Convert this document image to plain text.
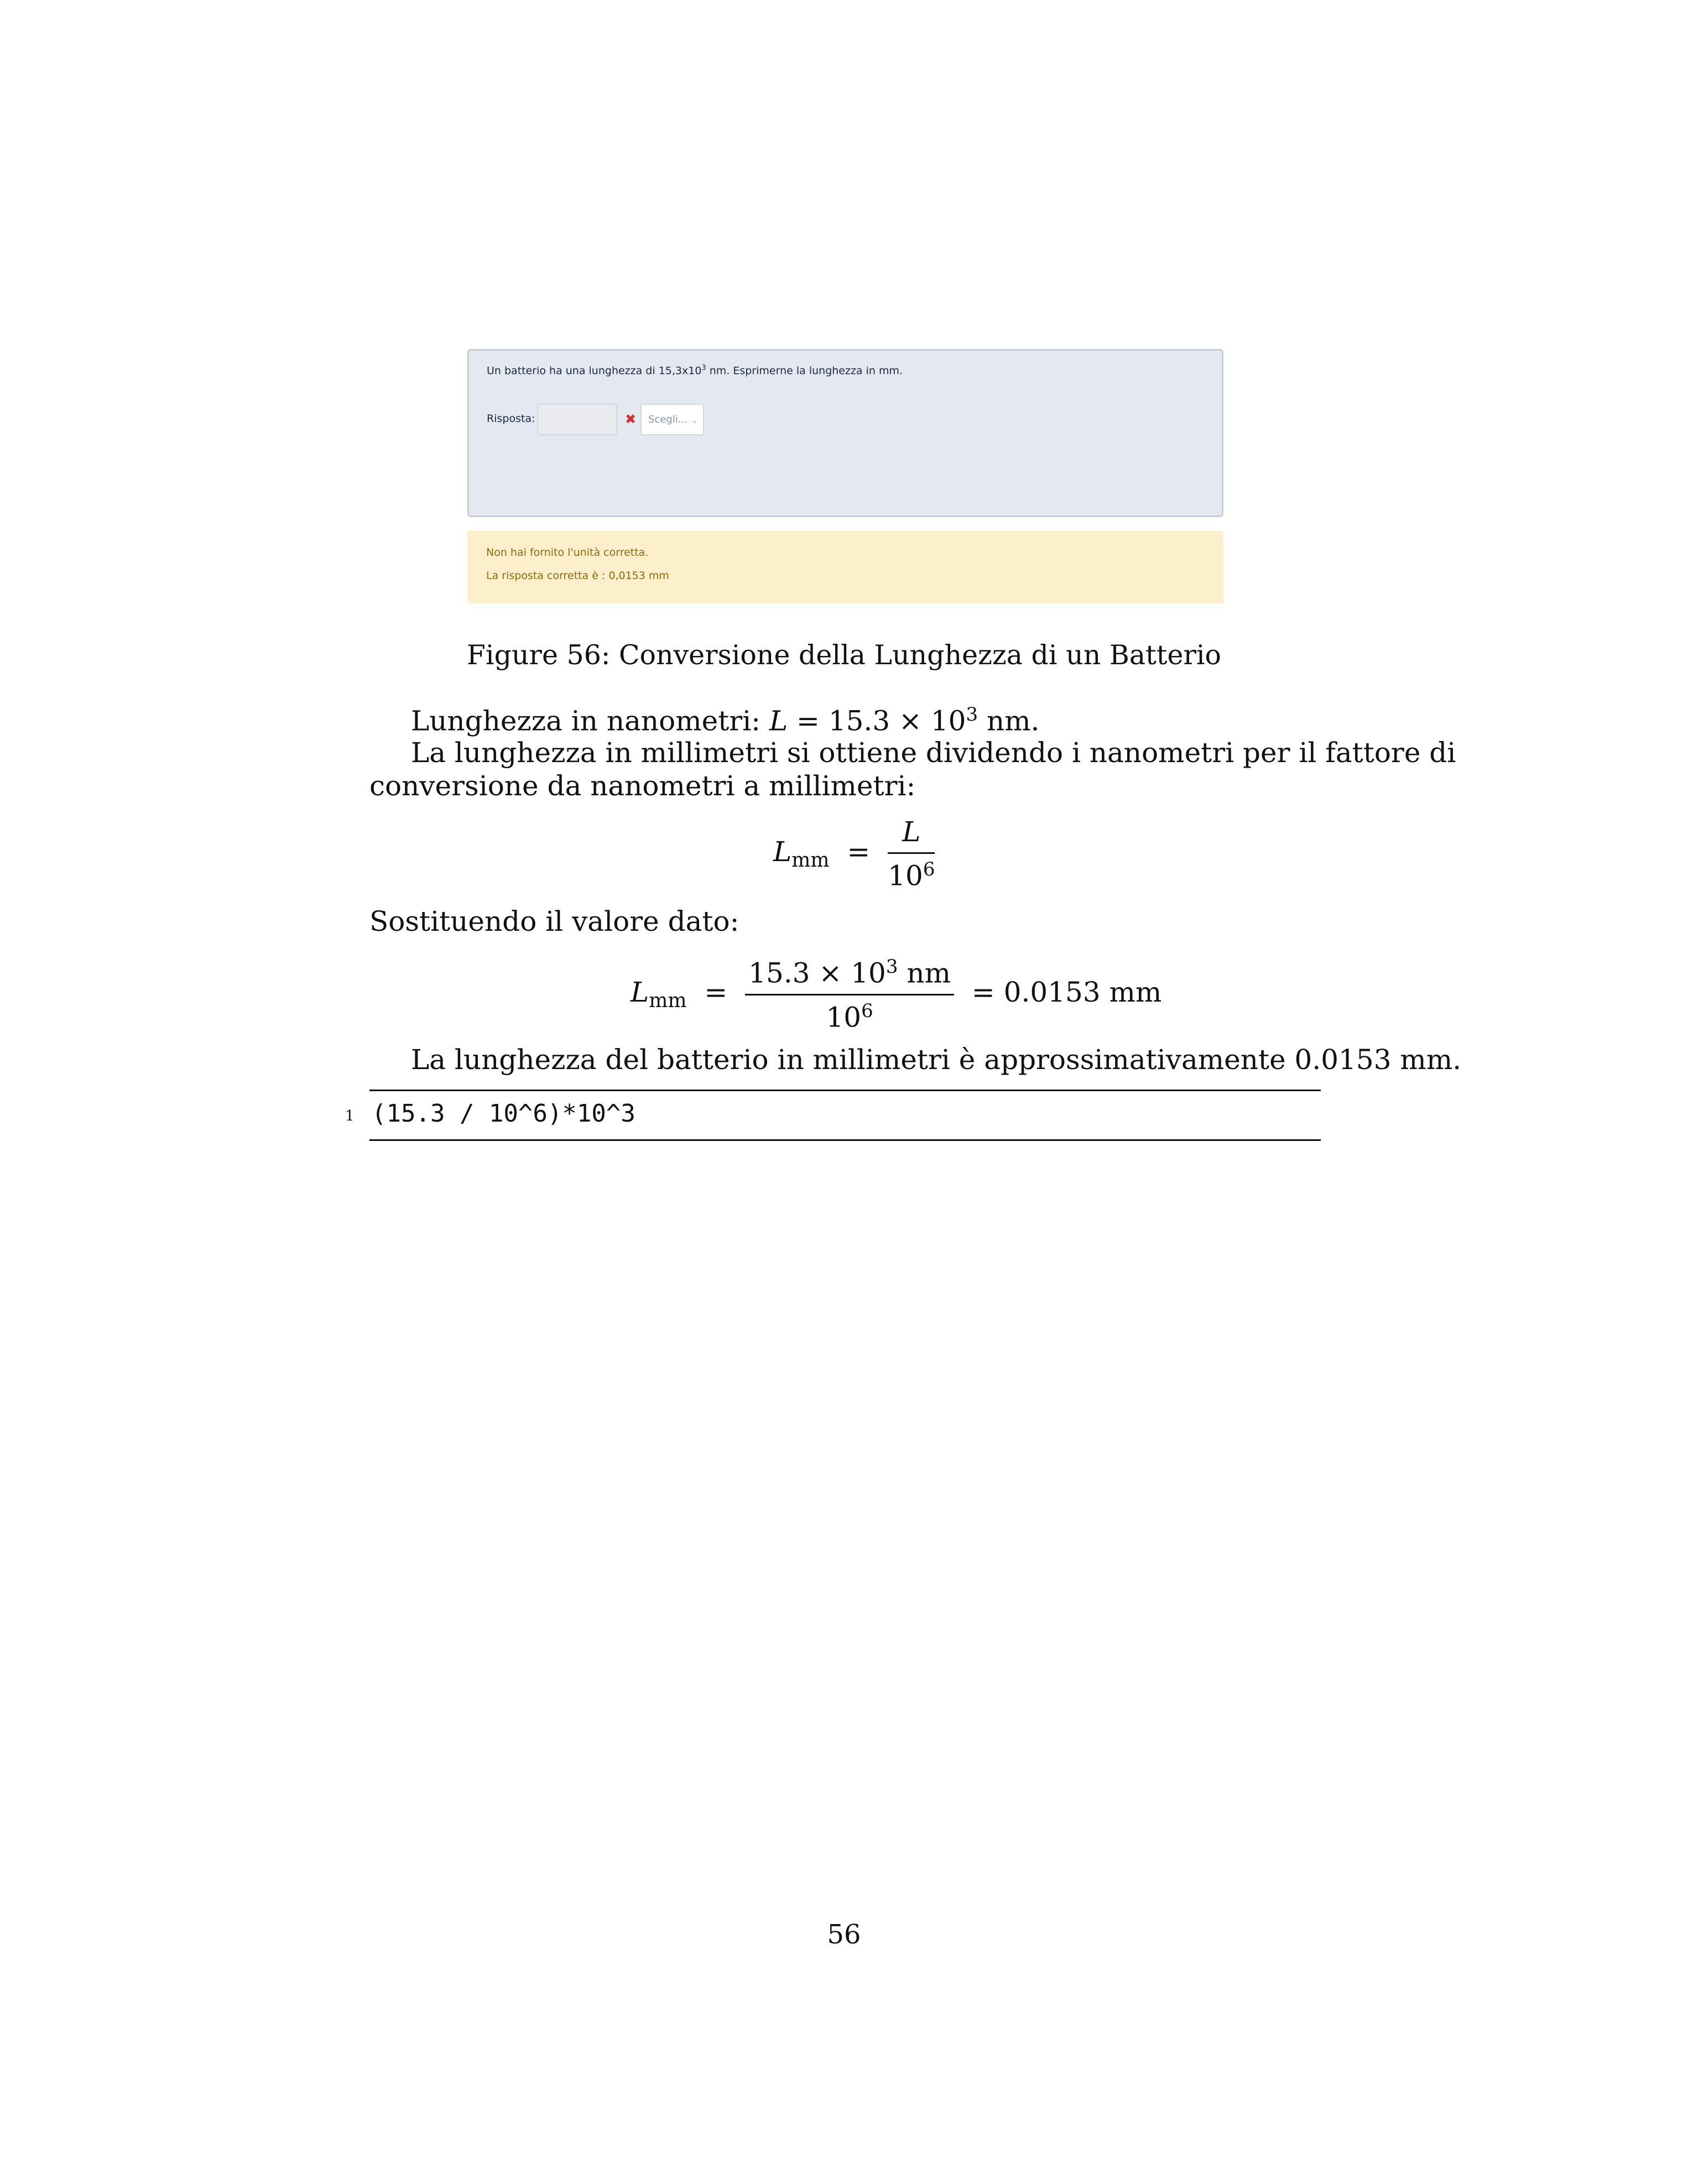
Un batterio ha una lunghezza di $15,3x10^3$ nm. Esprimerne la lunghezza in mm.
Risposta:	✖	Scegli... ⌄
Non hai fornito l'unità corretta.
La risposta corretta è : 0,0153 mm
Figure 56: Conversione della Lunghezza di un Batterio
Lunghezza in nanometri: $L = 15.3 \times 10^3$ nm.
La lunghezza in millimetri si ottiene dividendo i nanometri per il fattore di
conversione da nanometri a millimetri:
$L_{mm} = \frac{L}{10^6}$
Sostituendo il valore dato:
$L_{mm} = \frac{15.3 \times 10^3 nm}{10^6} = 0.0153$ mm
La lunghezza del batterio in millimetri è approssimativamente 0.0153 mm.
1 (15.3 / 10^6)*10^3
56
